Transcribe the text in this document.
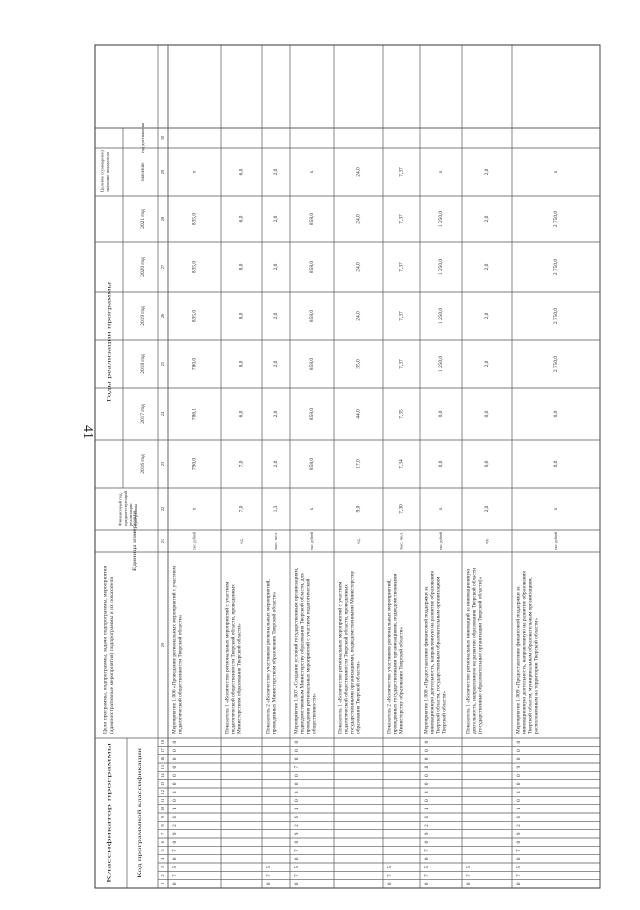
41
Классификатор программы	Код программной классификации
Цели программы, подпрограммы, задачи подпрограммы, мероприятия(административные мероприятия) подпрограммы и их показатели
Единица измерения
Финансовый год,предшествующийреализациипрограммы
Годы реализации программы
2016 год
2017 год
2018 год
2019 год
2020 год
2021 год
Целевое (суммарное)значение показателя	значение
год достижения
1
2
3
4
5
6
7
8
9
10
11
12
13
14
15
16
17
18
20
21
22
23
24
25
26
27
28
29
30
0
7
5
0
7
0
9
2
6
1
0
1
0
0
0
0
0
0
Мероприятие 1.006 «Проведение региональных мероприятий с участиемпедагогической общественности Тверской области»
тыс. рублей
x
790,0
786,1
780,0
835,0
835,0
835,0
x
Показатель 1 «Количество региональных мероприятий с участиемпедагогической общественности Тверской области, проведенныхМинистерством образования Тверской области»
ед.
7,0
7,0
6,0
8,0
8,0
8,0
6,0
6,0
0
7
5
Показатель 2 «Количество участников региональных мероприятий,проведенных Министерством образования Тверской области»
тыс. чел.
1,3
2,0
2,0
2,0
2,0
2,0
2,0
2,0
0
7
5
0
7
0
9
2
6
1
0
1
0
0
7
0
0
0
Мероприятие 1.007 «Создание условий государственным организациям,подведомственным Министерству образования Тверской области, дляпроведения региональных мероприятий с участием педагогическойобщественности»
тыс. рублей
x
858,0
858,0
858,0
858,0
858,0
858,0
x
Показатель 1 «Количество региональных мероприятий с участиемпедагогической общественности Тверской области, проведенныхгосударственными организациями, подведомственными Министерствуобразования Тверской области»
ед.
9,0
17,0
44,0
35,0
24,0
24,0
24,0
24,0
0
7
5
Показатель 2 «Количество участников региональных мероприятий,проведенных государственными организациями, подведомственнымиМинистерству образования Тверской области»
тыс. чел.
7,30
7,34
7,35
7,37
7,37
7,37
7,37
7,37
0
7
5
0
7
0
9
2
6
1
0
1
0
0
8
0
0
0
Мероприятие 1.008 «Предоставление финансовой поддержки заинновационную деятельность, направленную на развитие образованияТверской области, государственным образовательным организациямТверской области»
тыс. рублей
x
0,0
0,0
1 250,0
1 250,0
1 250,0
1 250,0
x
0
7
5
Показатель 1 «Количество региональных инноваций за инновационнуюдеятельность, направленную на развитие образования Тверской области(государственные образовательные организации Тверской области)»
ед.
2,0
0,0
0,0
2,0
2,0
2,0
2,0
2,0
0
7
5
0
7
0
9
2
6
1
0
1
0
0
9
0
0
0
Мероприятие 1.009 «Предоставление финансовой поддержки заинновационную деятельность, направленную на развитие образованияТверской области, муниципальным образовательным организациям,расположенным на территории Тверской области»
тыс. рублей
x
0,0
0,0
2 750,0
2 750,0
2 750,0
2 750,0
x
